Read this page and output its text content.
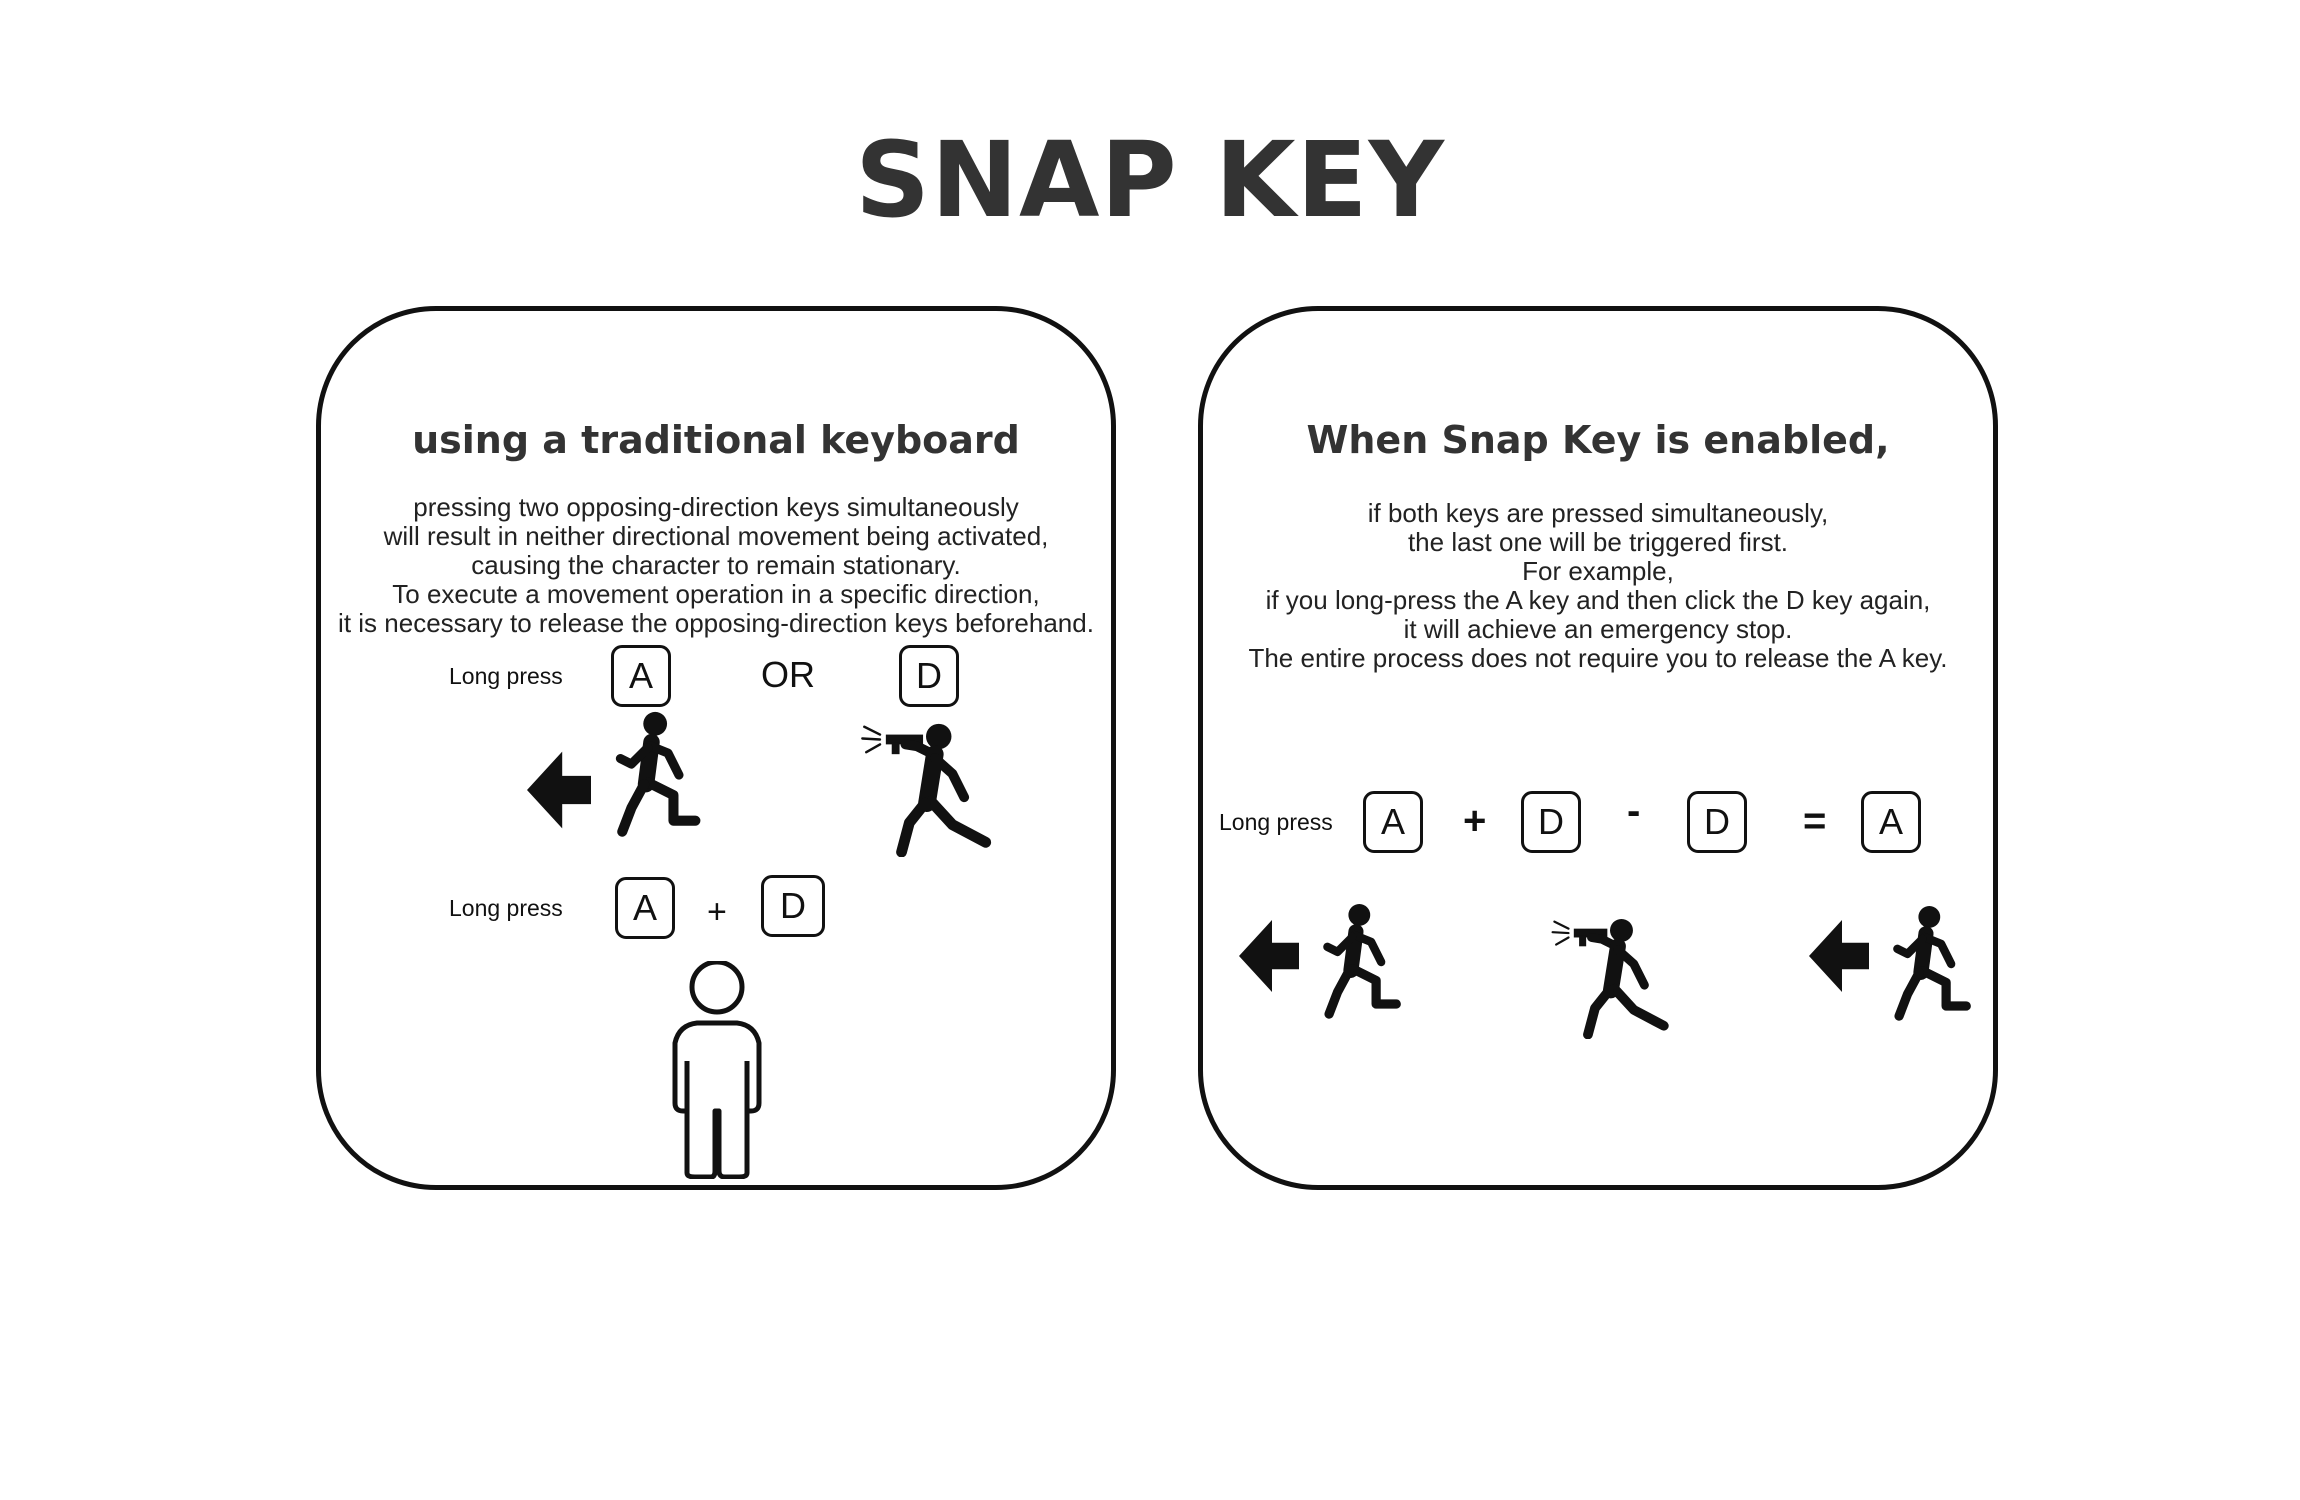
SNAP KEY
using a traditional keyboard
pressing two opposing-direction keys simultaneously
will result in neither directional movement being activated,
causing the character to remain stationary.
To execute a movement operation in a specific direction,
it is necessary to release the opposing-direction keys beforehand.
Long press	A	OR	D
Long press	A	+	D
When Snap Key is enabled,
if both keys are pressed simultaneously,
the last one will be triggered first.
For example,
if you long-press the A key and then click the D key again,
it will achieve an emergency stop.
The entire process does not require you to release the A key.
Long press	A	+	D	-	D	=	A
